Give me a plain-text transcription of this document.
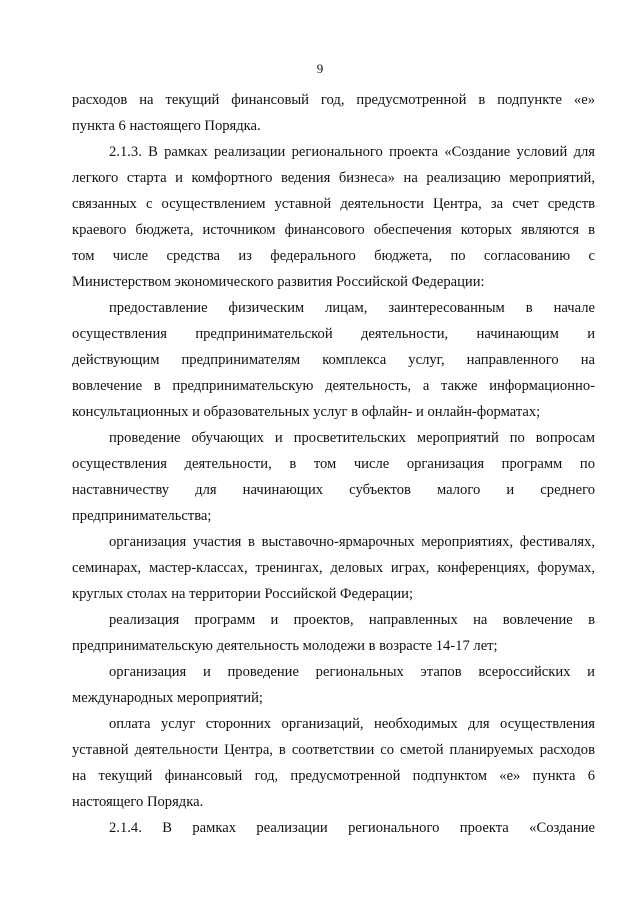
9
расходов на текущий финансовый год, предусмотренной в подпункте «е»
пункта 6 настоящего Порядка.
2.1.3. В рамках реализации регионального проекта «Создание условий для
легкого старта и комфортного ведения бизнеса» на реализацию мероприятий,
связанных с осуществлением уставной деятельности Центра, за счет средств
краевого бюджета, источником финансового обеспечения которых являются в
том числе средства из федерального бюджета, по согласованию с
Министерством экономического развития Российской Федерации:
предоставление физическим лицам, заинтересованным в начале
осуществления предпринимательской деятельности, начинающим и
действующим предпринимателям комплекса услуг, направленного на
вовлечение в предпринимательскую деятельность, а также информационно-
консультационных и образовательных услуг в офлайн- и онлайн-форматах;
проведение обучающих и просветительских мероприятий по вопросам
осуществления деятельности, в том числе организация программ по
наставничеству для начинающих субъектов малого и среднего
предпринимательства;
организация участия в выставочно-ярмарочных мероприятиях, фестивалях,
семинарах, мастер-классах, тренингах, деловых играх, конференциях, форумах,
круглых столах на территории Российской Федерации;
реализация программ и проектов, направленных на вовлечение в
предпринимательскую деятельность молодежи в возрасте 14-17 лет;
организация и проведение региональных этапов всероссийских и
международных мероприятий;
оплата услуг сторонних организаций, необходимых для осуществления
уставной деятельности Центра, в соответствии со сметой планируемых расходов
на текущий финансовый год, предусмотренной подпунктом «е» пункта 6
настоящего Порядка.
2.1.4. В рамках реализации регионального проекта «Создание
